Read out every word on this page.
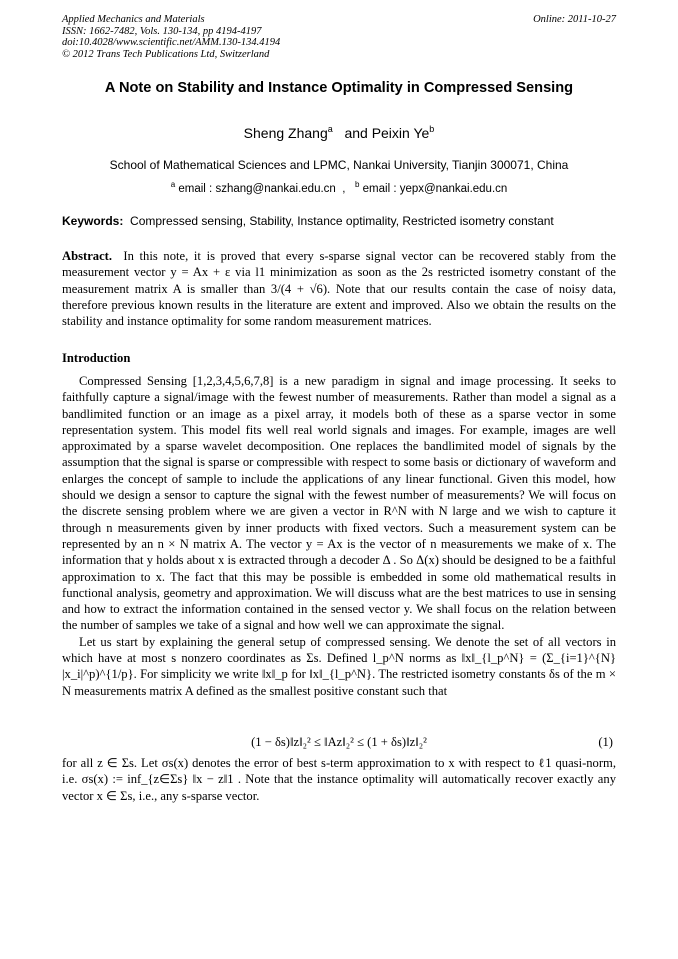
Applied Mechanics and Materials
ISSN: 1662-7482, Vols. 130-134, pp 4194-4197
doi:10.4028/www.scientific.net/AMM.130-134.4194
© 2012 Trans Tech Publications Ltd, Switzerland
Online: 2011-10-27
A Note on Stability and Instance Optimality in Compressed Sensing
Sheng Zhang$^a$ and Peixin Ye$^b$
School of Mathematical Sciences and LPMC, Nankai University, Tianjin 300071, China
$^a$ email : szhang@nankai.edu.cn  ,   $^b$ email : yepx@nankai.edu.cn
Keywords: Compressed sensing, Stability, Instance optimality, Restricted isometry constant
Abstract. In this note, it is proved that every s-sparse signal vector can be recovered stably from the measurement vector y = Ax + ε via l1 minimization as soon as the 2s restricted isometry constant of the measurement matrix A is smaller than 3/(4 + √6). Note that our results contain the case of noisy data, therefore previous known results in the literature are extent and improved. Also we obtain the results on the stability and instance optimality for some random measurement matrices.
Introduction

Compressed Sensing [1,2,3,4,5,6,7,8] is a new paradigm in signal and image processing. It seeks to faithfully capture a signal/image with the fewest number of measurements. Rather than model a signal as a bandlimited function or an image as a pixel array, it models both of these as a sparse vector in some representation system. This model fits well real world signals and images. For example, images are well approximated by a sparse wavelet decomposition. One replaces the bandlimited model of signals by the assumption that the signal is sparse or compressible with respect to some basis or dictionary of waveform and enlarges the concept of sample to include the applications of any linear functional. Given this model, how should we design a sensor to capture the signal with the fewest number of measurements? We will focus on the discrete sensing problem where we are given a vector in R^N with N large and we wish to capture it through n measurements given by inner products with fixed vectors. Such a measurement system can be represented by an n × N matrix A. The vector y = Ax is the vector of n measurements we make of x. The information that y holds about x is extracted through a decoder Δ . So Δ(x) should be designed to be a faithful approximation to x. The fact that this may be possible is embedded in some old mathematical results in functional analysis, geometry and approximation. We will discuss what are the best matrices to use in sensing and how to extract the information contained in the sensed vector y. We shall focus on the relation between the number of samples we take of a signal and how well we can approximate the signal.

Let us start by explaining the general setup of compressed sensing. We denote the set of all vectors in which have at most s nonzero coordinates as Σs. Defined l_p^N norms as ‖x‖_{l_p^N} = (Σ_{i=1}^{N} |x_i|^p)^{1/p}. For simplicity we write ‖x‖_p for ‖x‖_{l_p^N}. The restricted isometry constants δs of the m × N measurements matrix A defined as the smallest positive constant such that

(1 − δs)‖z‖₂² ≤ ‖Az‖₂² ≤ (1 + δs)‖z‖₂²	(1)

for all z ∈ Σs. Let σs(x) denotes the error of best s-term approximation to x with respect to ℓ1 quasi-norm, i.e. σs(x) := inf_{z∈Σs} ‖x − z‖1 . Note that the instance optimality will automatically recover exactly any vector x ∈ Σs, i.e., any s-sparse vector.
